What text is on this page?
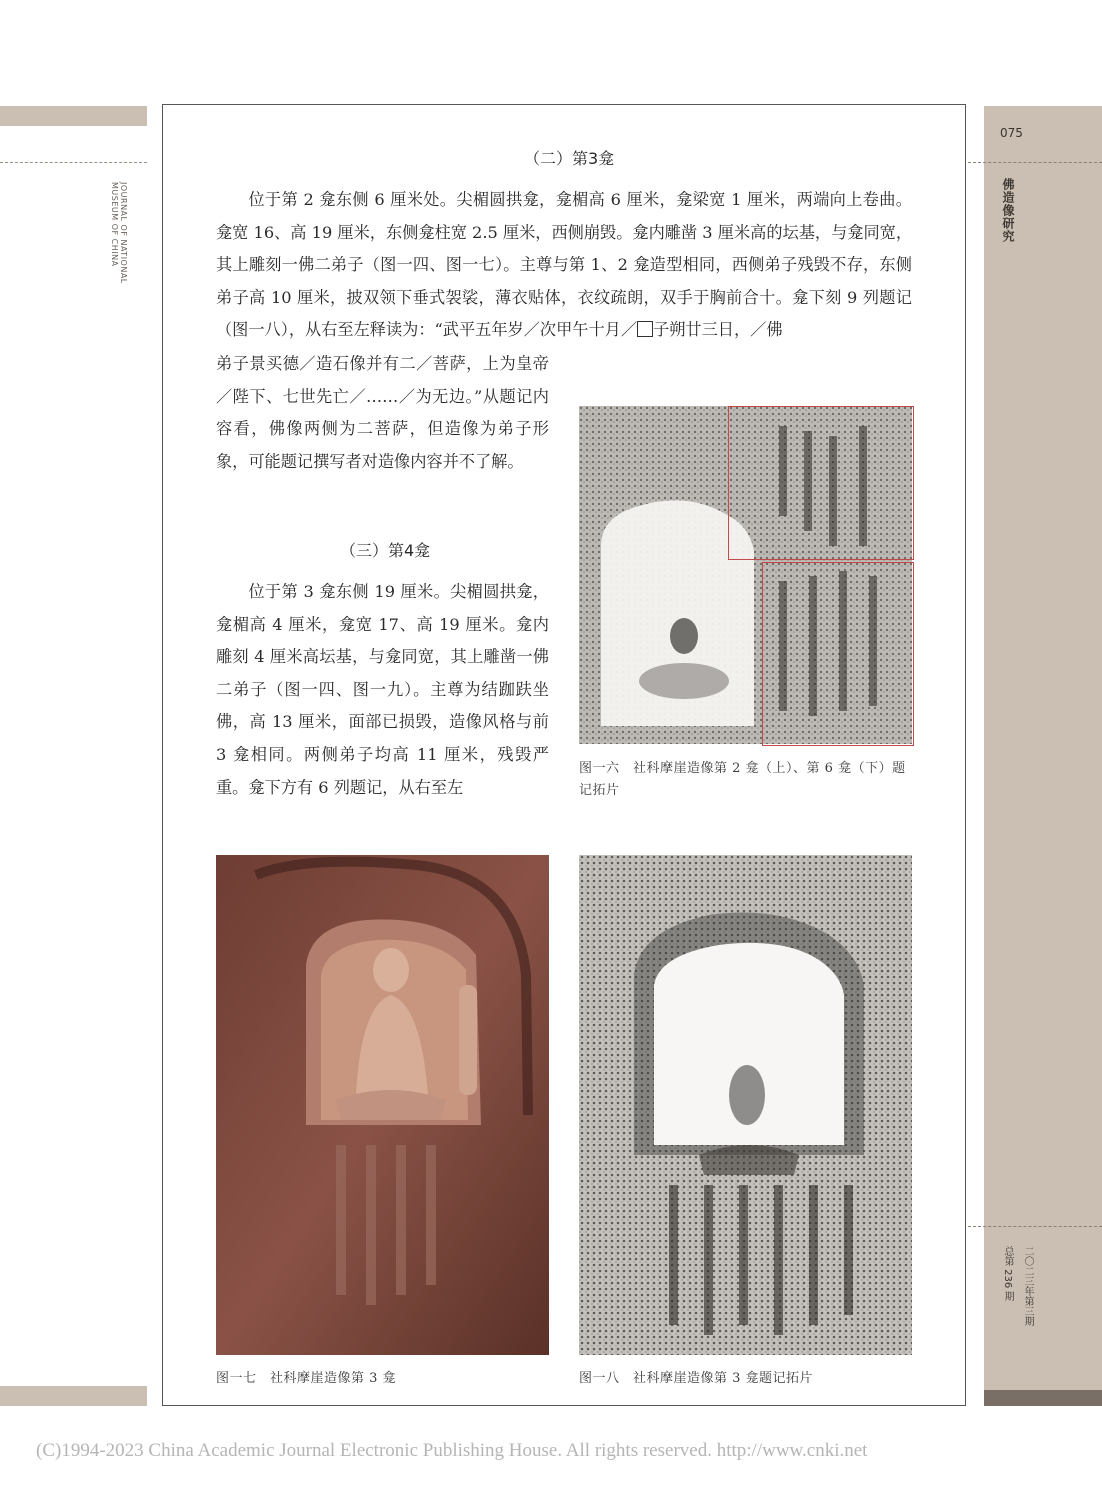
JOURNAL OF NATIONAL MUSEUM OF CHINA
075
佛造像研究
总第 236 期 二〇二三年第三期
（二）第3龛

位于第 2 龛东侧 6 厘米处。尖楣圆拱龛，龛楣高 6 厘米，龛梁宽 1 厘米，两端向上卷曲。龛宽 16、高 19 厘米，东侧龛柱宽 2.5 厘米，西侧崩毁。龛内雕凿 3 厘米高的坛基，与龛同宽，其上雕刻一佛二弟子（图一四、图一七）。主尊与第 1、2 龛造型相同，西侧弟子残毁不存，东侧弟子高 10 厘米，披双领下垂式袈裟，薄衣贴体，衣纹疏朗，双手于胸前合十。龛下刻 9 列题记（图一八），从右至左释读为：“武平五年岁／次甲午十月／ 子朔廿三日，／佛

弟子景买德／造石像并有二／菩萨，上为皇帝／陛下、七世先亡／……／为无边。”从题记内容看，佛像两侧为二菩萨，但造像为弟子形象，可能题记撰写者对造像内容并不了解。

（三）第4龛

位于第 3 龛东侧 19 厘米。尖楣圆拱龛，龛楣高 4 厘米，龛宽 17、高 19 厘米。龛内雕刻 4 厘米高坛基，与龛同宽，其上雕凿一佛二弟子（图一四、图一九）。主尊为结跏趺坐佛，高 13 厘米，面部已损毁，造像风格与前 3 龛相同。两侧弟子均高 11 厘米，残毁严重。龛下方有 6 列题记，从右至左

图一六　社科摩崖造像第 2 龛（上）、第 6 龛（下）题记拓片
图一七　社科摩崖造像第 3 龛	图一八　社科摩崖造像第 3 龛题记拓片
(C)1994-2023 China Academic Journal Electronic Publishing House. All rights reserved. http://www.cnki.net
